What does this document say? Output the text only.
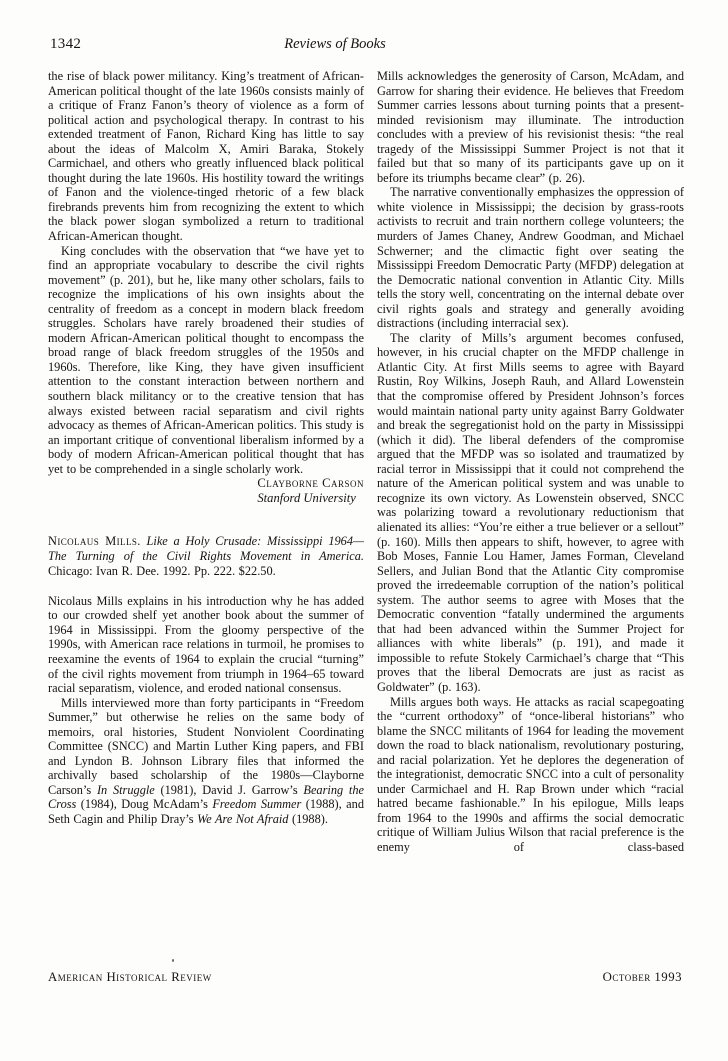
1342	Reviews of Books

the rise of black power militancy. King’s treatment of African-American political thought of the late 1960s consists mainly of a critique of Franz Fanon’s theory of violence as a form of political action and psychological therapy. In contrast to his extended treatment of Fanon, Richard King has little to say about the ideas of Malcolm X, Amiri Baraka, Stokely Carmichael, and others who greatly influenced black political thought during the late 1960s. His hostility toward the writings of Fanon and the violence-tinged rhetoric of a few black firebrands prevents him from recognizing the extent to which the black power slogan symbolized a return to traditional African-American thought.

King concludes with the observation that “we have yet to find an appropriate vocabulary to describe the civil rights movement” (p. 201), but he, like many other scholars, fails to recognize the implications of his own insights about the centrality of freedom as a concept in modern black freedom struggles. Scholars have rarely broadened their studies of modern African-American political thought to encompass the broad range of black freedom struggles of the 1950s and 1960s. Therefore, like King, they have given insufficient attention to the constant interaction between northern and southern black militancy or to the creative tension that has always existed between racial separatism and civil rights advocacy as themes of African-American politics. This study is an important critique of conventional liberalism informed by a body of modern African-American political thought that has yet to be comprehended in a single scholarly work.

Clayborne Carson
Stanford University

Nicolaus Mills. Like a Holy Crusade: Mississippi 1964—The Turning of the Civil Rights Movement in America. Chicago: Ivan R. Dee. 1992. Pp. 222. $22.50.

Nicolaus Mills explains in his introduction why he has added to our crowded shelf yet another book about the summer of 1964 in Mississippi. From the gloomy perspective of the 1990s, with American race relations in turmoil, he promises to reexamine the events of 1964 to explain the crucial “turning” of the civil rights movement from triumph in 1964–65 toward racial separatism, violence, and eroded national consensus.

Mills interviewed more than forty participants in “Freedom Summer,” but otherwise he relies on the same body of memoirs, oral histories, Student Nonviolent Coordinating Committee (SNCC) and Martin Luther King papers, and FBI and Lyndon B. Johnson Library files that informed the archivally based scholarship of the 1980s—Clayborne Carson’s In Struggle (1981), David J. Garrow’s Bearing the Cross (1984), Doug McAdam’s Freedom Summer (1988), and Seth Cagin and Philip Dray’s We Are Not Afraid (1988).

Mills acknowledges the generosity of Carson, McAdam, and Garrow for sharing their evidence. He believes that Freedom Summer carries lessons about turning points that a present-minded revisionism may illuminate. The introduction concludes with a preview of his revisionist thesis: “the real tragedy of the Mississippi Summer Project is not that it failed but that so many of its participants gave up on it before its triumphs became clear” (p. 26).

The narrative conventionally emphasizes the oppression of white violence in Mississippi; the decision by grass-roots activists to recruit and train northern college volunteers; the murders of James Chaney, Andrew Goodman, and Michael Schwerner; and the climactic fight over seating the Mississippi Freedom Democratic Party (MFDP) delegation at the Democratic national convention in Atlantic City. Mills tells the story well, concentrating on the internal debate over civil rights goals and strategy and generally avoiding distractions (including interracial sex).

The clarity of Mills’s argument becomes confused, however, in his crucial chapter on the MFDP challenge in Atlantic City. At first Mills seems to agree with Bayard Rustin, Roy Wilkins, Joseph Rauh, and Allard Lowenstein that the compromise offered by President Johnson’s forces would maintain national party unity against Barry Goldwater and break the segregationist hold on the party in Mississippi (which it did). The liberal defenders of the compromise argued that the MFDP was so isolated and traumatized by racial terror in Mississippi that it could not comprehend the nature of the American political system and was unable to recognize its own victory. As Lowenstein observed, SNCC was polarizing toward a revolutionary reductionism that alienated its allies: “You’re either a true believer or a sellout” (p. 160). Mills then appears to shift, however, to agree with Bob Moses, Fannie Lou Hamer, James Forman, Cleveland Sellers, and Julian Bond that the Atlantic City compromise proved the irredeemable corruption of the nation’s political system. The author seems to agree with Moses that the Democratic convention “fatally undermined the arguments that had been advanced within the Summer Project for alliances with white liberals” (p. 191), and made it impossible to refute Stokely Carmichael’s charge that “This proves that the liberal Democrats are just as racist as Goldwater” (p. 163).

Mills argues both ways. He attacks as racial scapegoating the “current orthodoxy” of “once-liberal historians” who blame the SNCC militants of 1964 for leading the movement down the road to black nationalism, revolutionary posturing, and racial polarization. Yet he deplores the degeneration of the integrationist, democratic SNCC into a cult of personality under Carmichael and H. Rap Brown under which “racial hatred became fashionable.” In his epilogue, Mills leaps from 1964 to the 1990s and affirms the social democratic critique of William Julius Wilson that racial preference is the enemy of class-based

American Historical Review	October 1993
